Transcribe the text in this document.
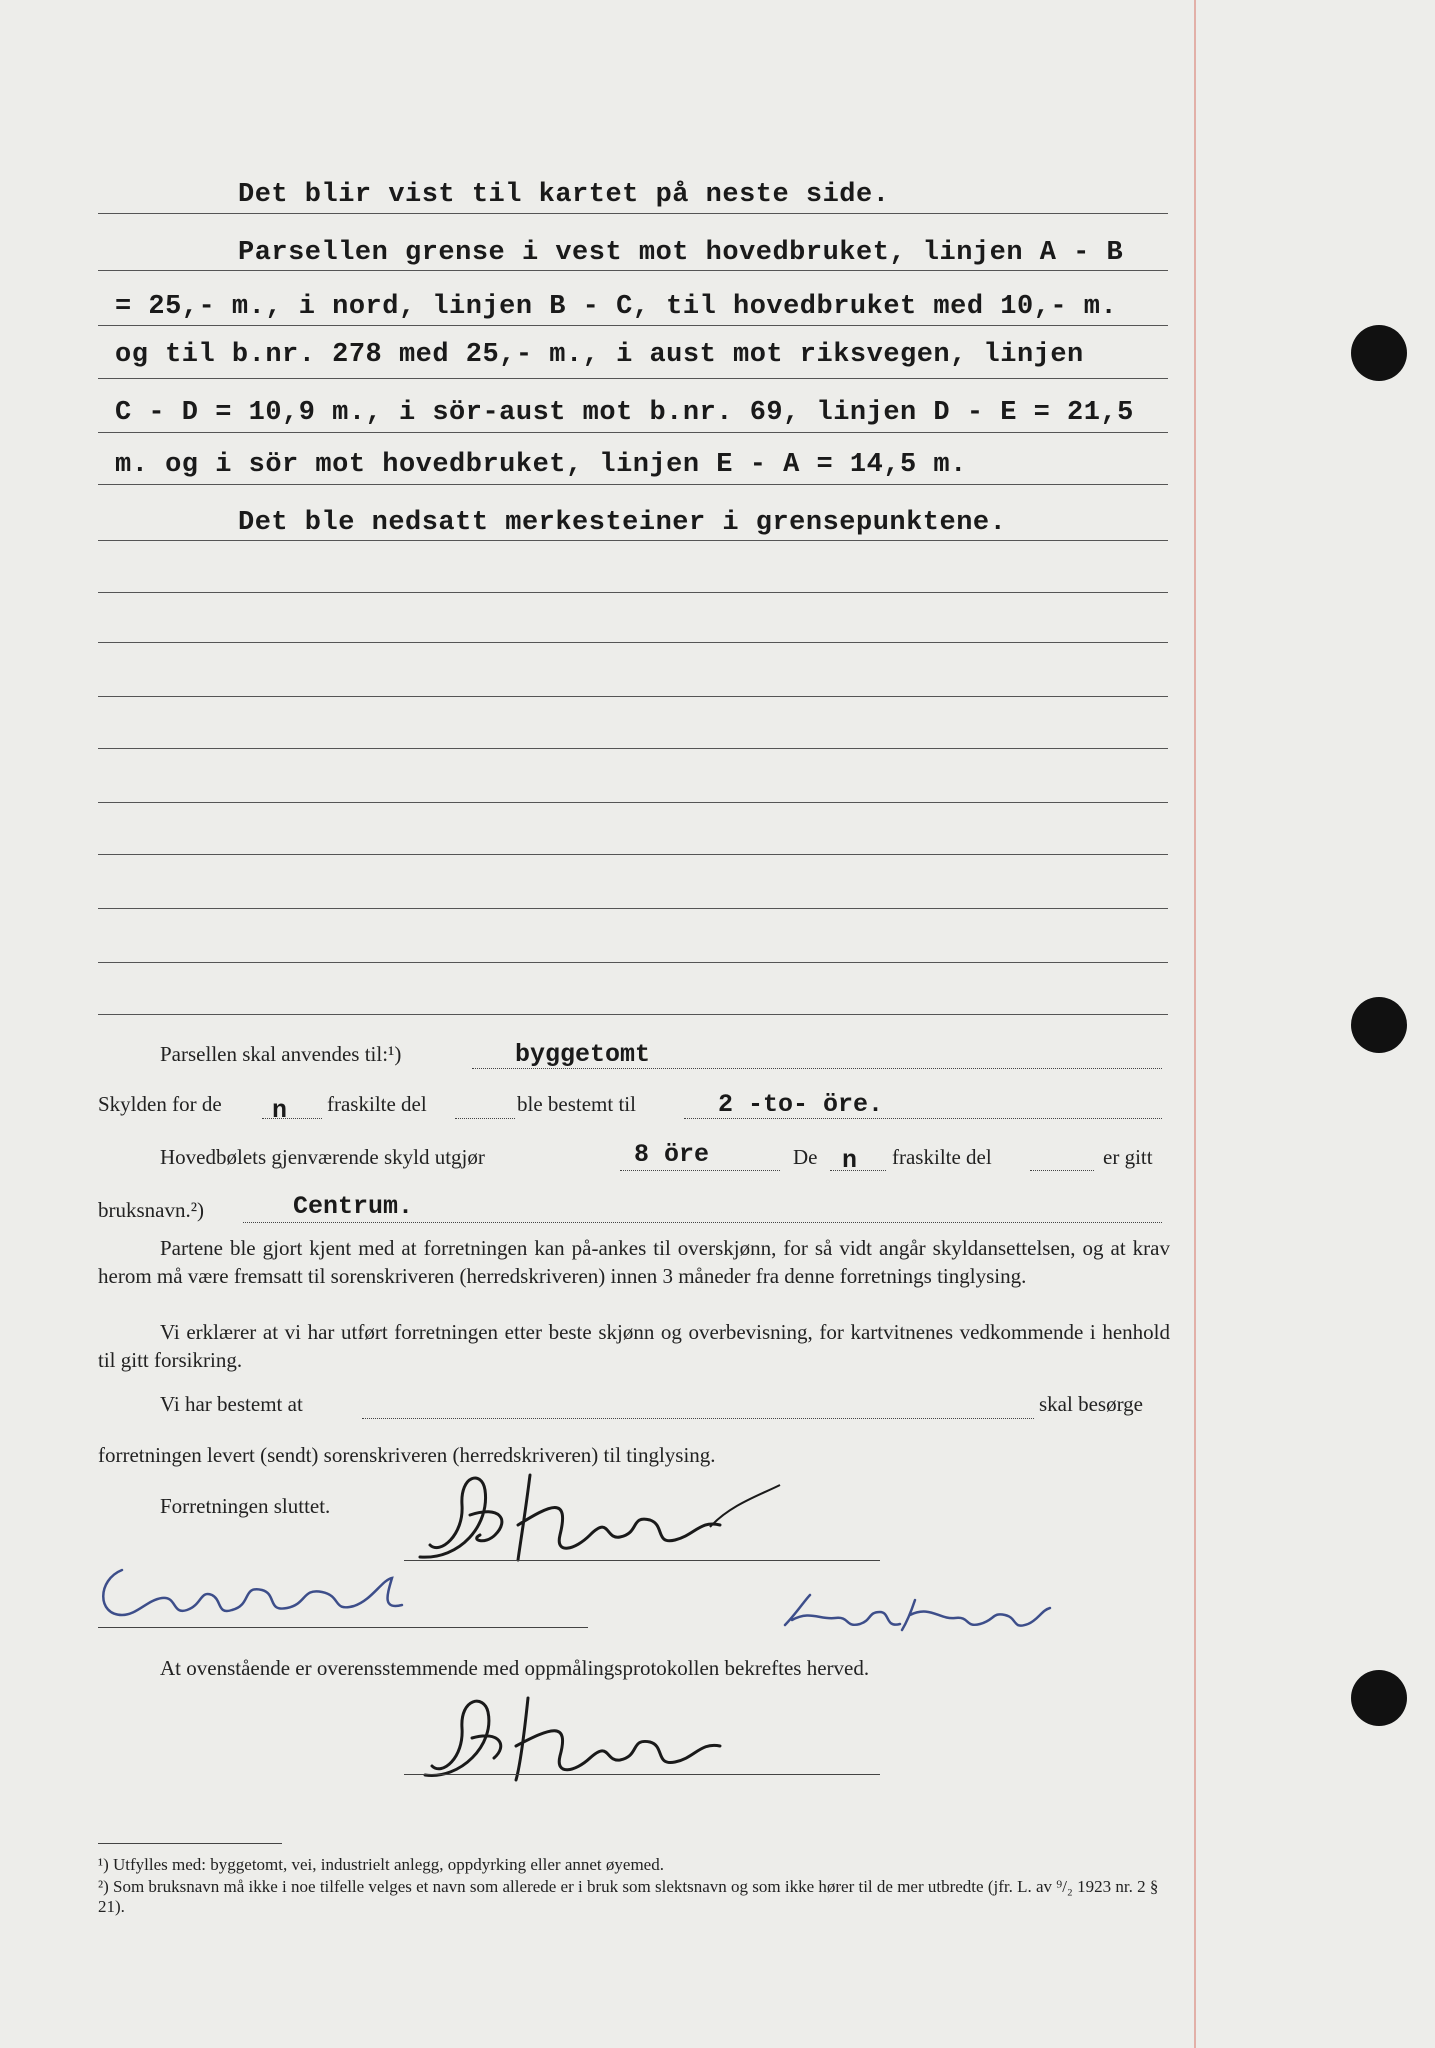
Det blir vist til kartet på neste side.
Parsellen grense i vest mot hovedbruket, linjen A - B
= 25,- m., i nord, linjen B - C, til hovedbruket med 10,- m.
og til b.nr. 278 med 25,- m., i aust mot riksvegen, linjen
C - D = 10,9 m., i sör-aust mot b.nr. 69, linjen D - E = 21,5
m. og i sör mot hovedbruket, linjen E - A = 14,5 m.
Det ble nedsatt merkesteiner i grensepunktene.
Parsellen skal anvendes til:¹)	byggetomt
Skylden for de n fraskilte del	ble bestemt til	2 -to- öre.
Hovedbølets gjenværende skyld utgjør	8 öre	De n fraskilte del	er gitt
bruksnavn.²)	Centrum.
Partene ble gjort kjent med at forretningen kan på-ankes til overskjønn, for så vidt angår skyldansettelsen, og at krav herom må være fremsatt til sorenskriveren (herredskriveren) innen 3 måneder fra denne forretnings tinglysing.
Vi erklærer at vi har utført forretningen etter beste skjønn og overbevisning, for kartvitnenes vedkommende i henhold til gitt forsikring.
Vi har bestemt at	skal besørge
forretningen levert (sendt) sorenskriveren (herredskriveren) til tinglysing.
Forretningen sluttet.
At ovenstående er overensstemmende med oppmålingsprotokollen bekreftes herved.
¹) Utfylles med: byggetomt, vei, industrielt anlegg, oppdyrking eller annet øyemed.
²) Som bruksnavn må ikke i noe tilfelle velges et navn som allerede er i bruk som slektsnavn og som ikke hører til de mer utbredte (jfr. L. av ⁹/₂ 1923 nr. 2 § 21).
